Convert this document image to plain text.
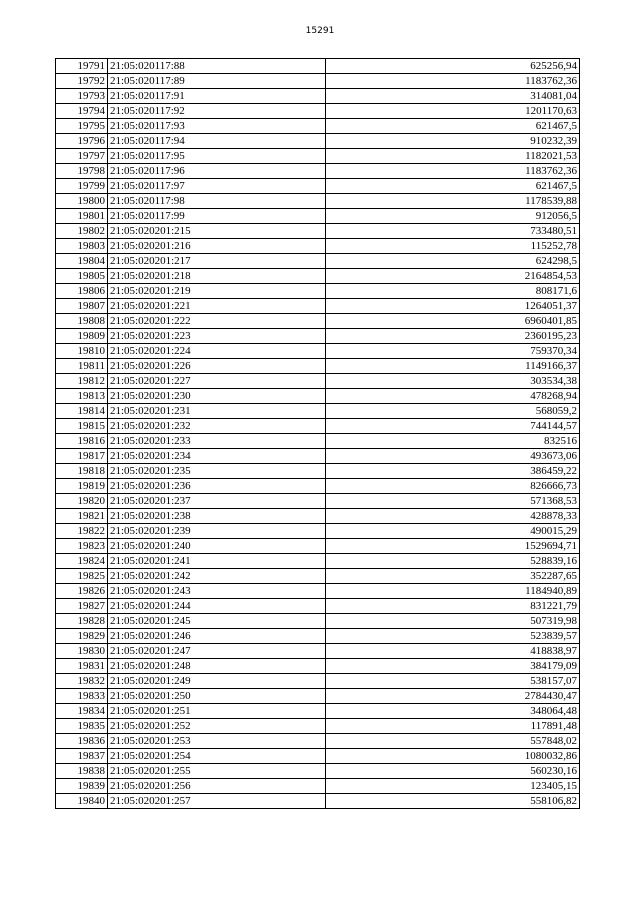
15291
19791	21:05:020117:88	625256,94
19792	21:05:020117:89	1183762,36
19793	21:05:020117:91	314081,04
19794	21:05:020117:92	1201170,63
19795	21:05:020117:93	621467,5
19796	21:05:020117:94	910232,39
19797	21:05:020117:95	1182021,53
19798	21:05:020117:96	1183762,36
19799	21:05:020117:97	621467,5
19800	21:05:020117:98	1178539,88
19801	21:05:020117:99	912056,5
19802	21:05:020201:215	733480,51
19803	21:05:020201:216	115252,78
19804	21:05:020201:217	624298,5
19805	21:05:020201:218	2164854,53
19806	21:05:020201:219	808171,6
19807	21:05:020201:221	1264051,37
19808	21:05:020201:222	6960401,85
19809	21:05:020201:223	2360195,23
19810	21:05:020201:224	759370,34
19811	21:05:020201:226	1149166,37
19812	21:05:020201:227	303534,38
19813	21:05:020201:230	478268,94
19814	21:05:020201:231	568059,2
19815	21:05:020201:232	744144,57
19816	21:05:020201:233	832516
19817	21:05:020201:234	493673,06
19818	21:05:020201:235	386459,22
19819	21:05:020201:236	826666,73
19820	21:05:020201:237	571368,53
19821	21:05:020201:238	428878,33
19822	21:05:020201:239	490015,29
19823	21:05:020201:240	1529694,71
19824	21:05:020201:241	528839,16
19825	21:05:020201:242	352287,65
19826	21:05:020201:243	1184940,89
19827	21:05:020201:244	831221,79
19828	21:05:020201:245	507319,98
19829	21:05:020201:246	523839,57
19830	21:05:020201:247	418838,97
19831	21:05:020201:248	384179,09
19832	21:05:020201:249	538157,07
19833	21:05:020201:250	2784430,47
19834	21:05:020201:251	348064,48
19835	21:05:020201:252	117891,48
19836	21:05:020201:253	557848,02
19837	21:05:020201:254	1080032,86
19838	21:05:020201:255	560230,16
19839	21:05:020201:256	123405,15
19840	21:05:020201:257	558106,82
